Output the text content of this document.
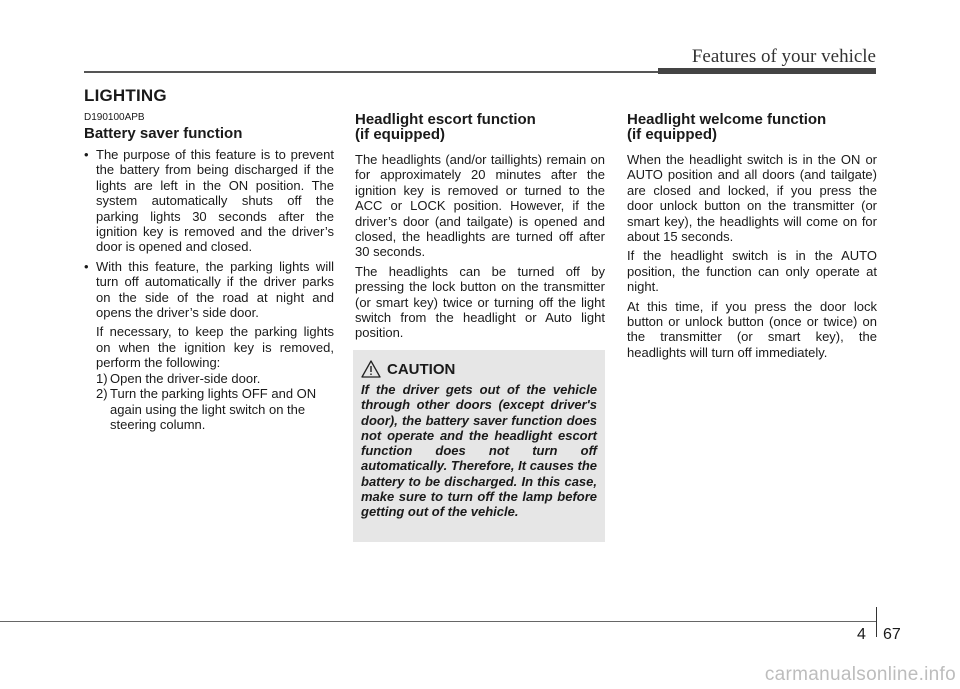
Features of your vehicle
LIGHTING
D190100APB
Battery saver function
• The purpose of this feature is to prevent the battery from being discharged if the lights are left in the ON position. The system automatically shuts off the parking lights 30 seconds after the ignition key is removed and the driver’s door is opened and closed.
• With this feature, the parking lights will turn off automatically if the driver parks on the side of the road at night and opens the driver’s side door.

If necessary, to keep the parking lights on when the ignition key is removed, perform the following:

1) Open the driver-side door.
2) Turn the parking lights OFF and ON again using the light switch on the steering column.
Headlight escort function
(if equipped)

The headlights (and/or taillights) remain on for approximately 20 minutes after the ignition key is removed or turned to the ACC or LOCK position. However, if the driver’s door (and tailgate) is opened and closed, the headlights are turned off after 30 seconds.

The headlights can be turned off by pressing the lock button on the transmitter (or smart key) twice or turning off the light switch from the headlight or Auto light position.

CAUTION
If the driver gets out of the vehicle through other doors (except driver's door), the battery saver function does not operate and the headlight escort function does not turn off automatically. Therefore, It causes the battery to be discharged. In this case, make sure to turn off the lamp before getting out of the vehicle.
Headlight welcome function
(if equipped)

When the headlight switch is in the ON or AUTO position and all doors (and tailgate) are closed and locked, if you press the door unlock button on the transmitter (or smart key), the headlights will come on for about 15 seconds.

If the headlight switch is in the AUTO position, the function can only operate at night.

At this time, if you press the door lock button or unlock button (once or twice) on the transmitter (or smart key), the headlights will turn off immediately.

4 67
carmanualsonline.info
